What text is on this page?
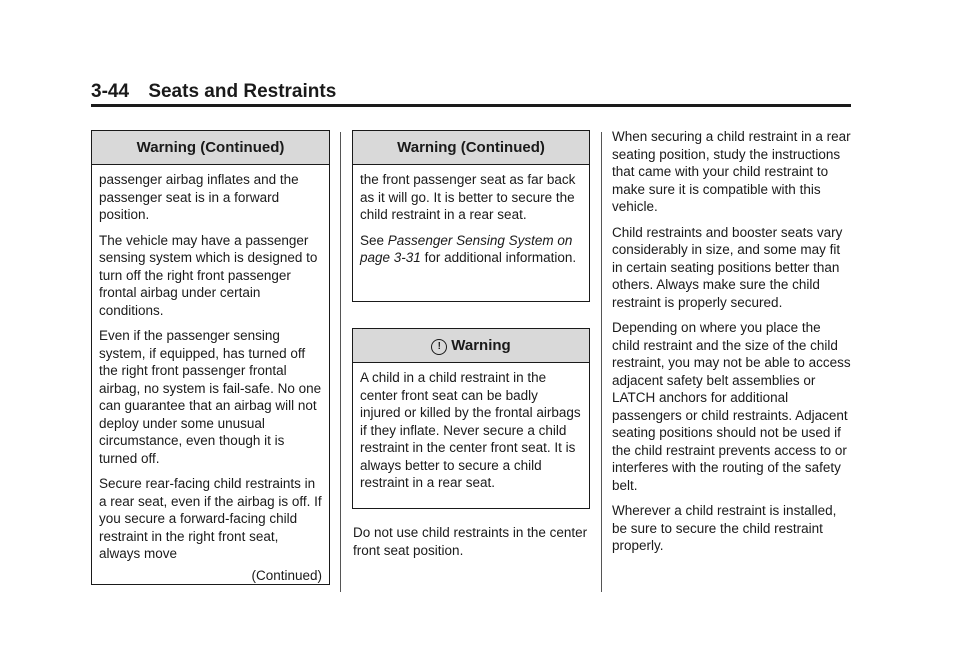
3-44 Seats and Restraints
Warning (Continued)

passenger airbag inflates and the passenger seat is in a forward position.

The vehicle may have a passenger sensing system which is designed to turn off the right front passenger frontal airbag under certain conditions.

Even if the passenger sensing system, if equipped, has turned off the right front passenger frontal airbag, no system is fail-safe. No one can guarantee that an airbag will not deploy under some unusual circumstance, even though it is turned off.

Secure rear-facing child restraints in a rear seat, even if the airbag is off. If you secure a forward-facing child restraint in the right front seat, always move

(Continued)
Warning (Continued)

the front passenger seat as far back as it will go. It is better to secure the child restraint in a rear seat.

See Passenger Sensing System on page 3-31 for additional information.

! Warning

A child in a child restraint in the center front seat can be badly injured or killed by the frontal airbags if they inflate. Never secure a child restraint in the center front seat. It is always better to secure a child restraint in a rear seat.

Do not use child restraints in the center front seat position.

When securing a child restraint in a rear seating position, study the instructions that came with your child restraint to make sure it is compatible with this vehicle.

Child restraints and booster seats vary considerably in size, and some may fit in certain seating positions better than others. Always make sure the child restraint is properly secured.

Depending on where you place the child restraint and the size of the child restraint, you may not be able to access adjacent safety belt assemblies or LATCH anchors for additional passengers or child restraints. Adjacent seating positions should not be used if the child restraint prevents access to or interferes with the routing of the safety belt.

Wherever a child restraint is installed, be sure to secure the child restraint properly.
